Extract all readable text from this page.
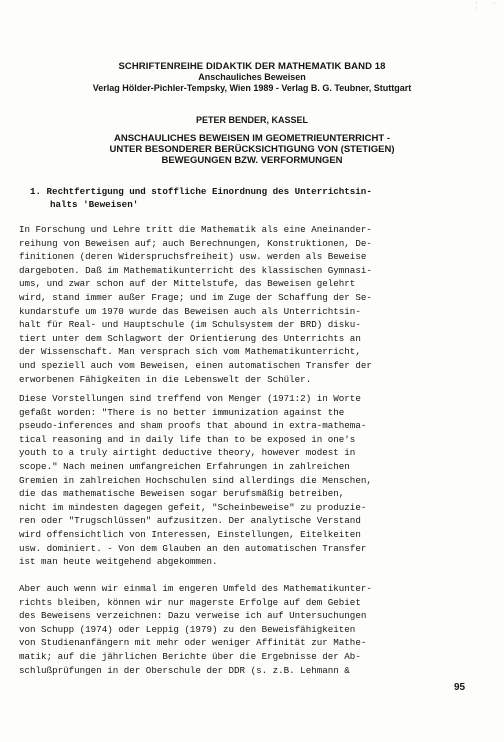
' ' '
SCHRIFTENREIHE DIDAKTIK DER MATHEMATIK BAND 18
Anschauliches Beweisen
Verlag Hölder-Pichler-Tempsky, Wien 1989 - Verlag B. G. Teubner, Stuttgart
PETER BENDER, KASSEL
ANSCHAULICHES BEWEISEN IM GEOMETRIEUNTERRICHT -
UNTER BESONDERER BERÜCKSICHTIGUNG VON (STETIGEN)
BEWEGUNGEN BZW. VERFORMUNGEN
1. Rechtfertigung und stoffliche Einordnung des Unterrichtsin-
halts 'Beweisen'
In Forschung und Lehre tritt die Mathematik als eine Aneinander-
reihung von Beweisen auf; auch Berechnungen, Konstruktionen, De-
finitionen (deren Widerspruchsfreiheit) usw. werden als Beweise
dargeboten. Daß im Mathematikunterricht des klassischen Gymnasi-
ums, und zwar schon auf der Mittelstufe, das Beweisen gelehrt
wird, stand immer außer Frage; und im Zuge der Schaffung der Se-
kundarstufe um 1970 wurde das Beweisen auch als Unterrichtsin-
halt für Real- und Hauptschule (im Schulsystem der BRD) disku-
tiert unter dem Schlagwort der Orientierung des Unterrichts an
der Wissenschaft. Man versprach sich vom Mathematikunterricht,
und speziell auch vom Beweisen, einen automatischen Transfer der
erworbenen Fähigkeiten in die Lebenswelt der Schüler.
Diese Vorstellungen sind treffend von Menger (1971:2) in Worte
gefaßt worden: "There is no better immunization against the
pseudo-inferences and sham proofs that abound in extra-mathema-
tical reasoning and in daily life than to be exposed in one's
youth to a truly airtight deductive theory, however modest in
scope." Nach meinen umfangreichen Erfahrungen in zahlreichen
Gremien in zahlreichen Hochschulen sind allerdings die Menschen,
die das mathematische Beweisen sogar berufsmäßig betreiben,
nicht im mindesten dagegen gefeit, "Scheinbeweise" zu produzie-
ren oder "Trugschlüssen" aufzusitzen. Der analytische Verstand
wird offensichtlich von Interessen, Einstellungen, Eitelkeiten
usw. dominiert. - Von dem Glauben an den automatischen Transfer
ist man heute weitgehend abgekommen.
Aber auch wenn wir einmal im engeren Umfeld des Mathematikunter-
richts bleiben, können wir nur magerste Erfolge auf dem Gebiet
des Beweisens verzeichnen: Dazu verweise ich auf Untersuchungen
von Schupp (1974) oder Leppig (1979) zu den Beweisfähigkeiten
von Studienanfängern mit mehr oder weniger Affinität zur Mathe-
matik; auf die jährlichen Berichte über die Ergebnisse der Ab-
schlußprüfungen in der Oberschule der DDR (s. z.B. Lehmann &
95
